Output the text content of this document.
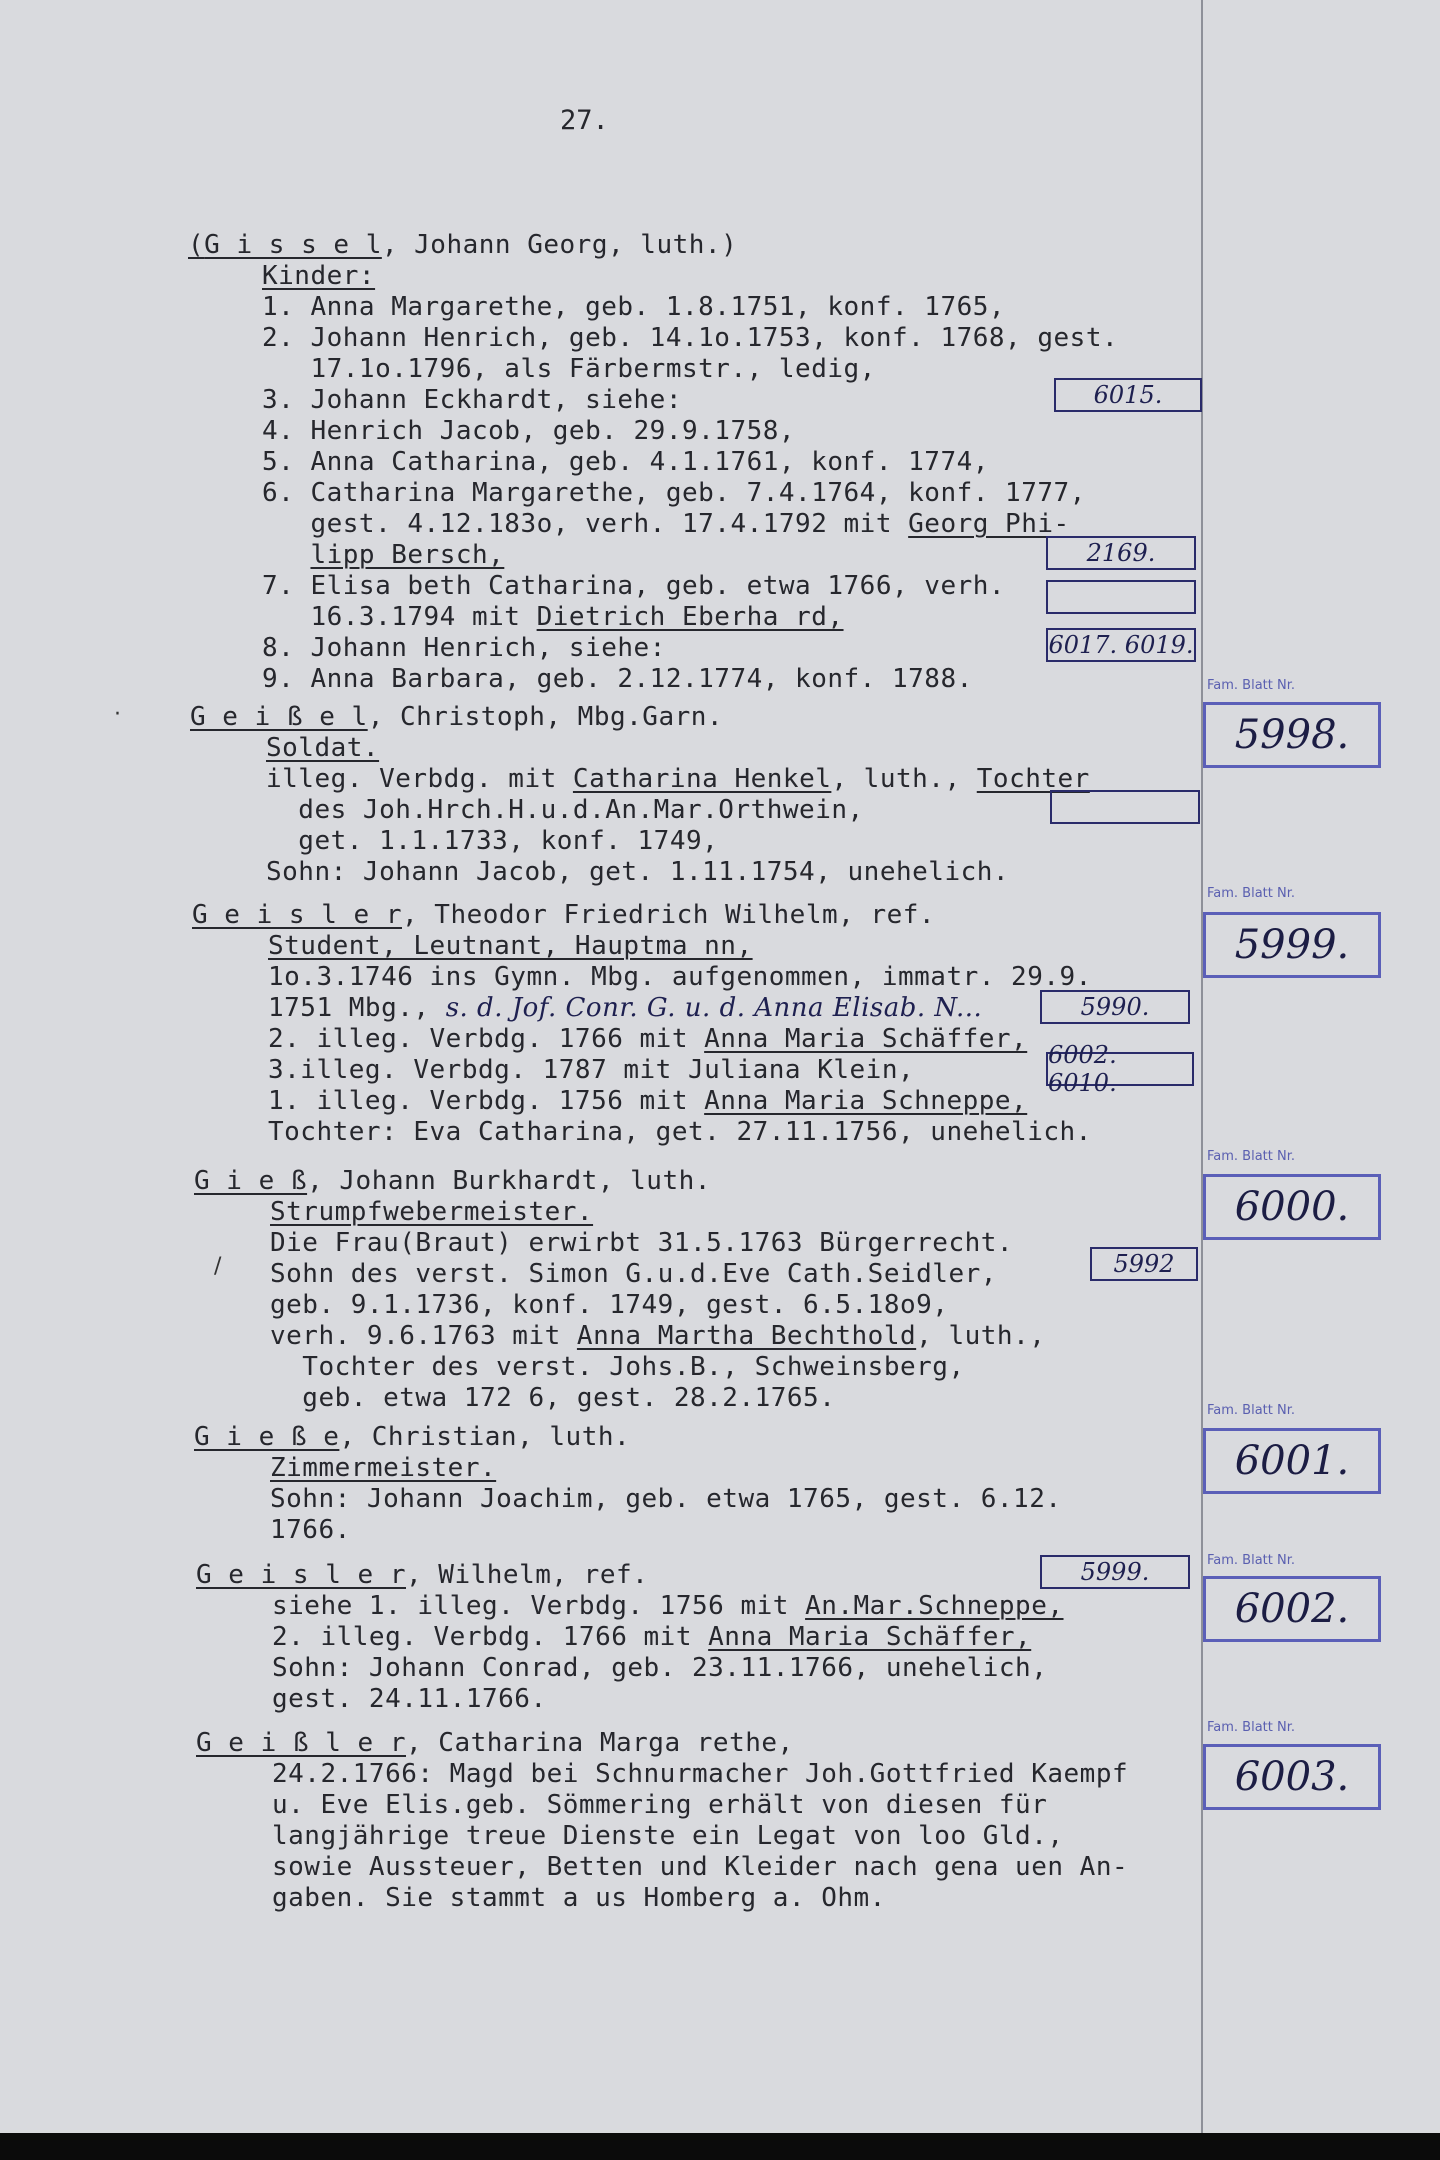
27.
(G i s s e l, Johann Georg, luth.)
Kinder:
1. Anna Margarethe, geb. 1.8.1751, konf. 1765,
2. Johann Henrich, geb. 14.1o.1753, konf. 1768, gest.
17.1o.1796, als Färbermstr., ledig,
3. Johann Eckhardt, siehe:
4. Henrich Jacob, geb. 29.9.1758,
5. Anna Catharina, geb. 4.1.1761, konf. 1774,
6. Catharina Margarethe, geb. 7.4.1764, konf. 1777,
gest. 4.12.183o, verh. 17.4.1792 mit Georg Phi-
lipp Bersch,
7. Elisa beth Catharina, geb. etwa 1766, verh.
16.3.1794 mit Dietrich Eberha rd,
8. Johann Henrich, siehe:
9. Anna Barbara, geb. 2.12.1774, konf. 1788.
G e i ß e l, Christoph, Mbg.Garn.
Soldat.
illeg. Verbdg. mit Catharina Henkel, luth., Tochter
des Joh.Hrch.H.u.d.An.Mar.Orthwein,
get. 1.1.1733, konf. 1749,
Sohn: Johann Jacob, get. 1.11.1754, unehelich.
G e i s l e r, Theodor Friedrich Wilhelm, ref.
Student, Leutnant, Hauptma nn,
1o.3.1746 ins Gymn. Mbg. aufgenommen, immatr. 29.9.
1751 Mbg., s. d. Jof. Conr. G. u. d. Anna Elisab. N...
2. illeg. Verbdg. 1766 mit Anna Maria Schäffer,
3.illeg. Verbdg. 1787 mit Juliana Klein,
1. illeg. Verbdg. 1756 mit Anna Maria Schneppe,
Tochter: Eva Catharina, get. 27.11.1756, unehelich.
G i e ß, Johann Burkhardt, luth.
Strumpfwebermeister.
Die Frau(Braut) erwirbt 31.5.1763 Bürgerrecht.
Sohn des verst. Simon G.u.d.Eve Cath.Seidler,
geb. 9.1.1736, konf. 1749, gest. 6.5.18o9,
verh. 9.6.1763 mit Anna Martha Bechthold, luth.,
Tochter des verst. Johs.B., Schweinsberg,
geb. etwa 172 6, gest. 28.2.1765.
G i e ß e, Christian, luth.
Zimmermeister.
Sohn: Johann Joachim, geb. etwa 1765, gest. 6.12.
1766.
G e i s l e r, Wilhelm, ref.
siehe 1. illeg. Verbdg. 1756 mit An.Mar.Schneppe,
2. illeg. Verbdg. 1766 mit Anna Maria Schäffer,
Sohn: Johann Conrad, geb. 23.11.1766, unehelich,
gest. 24.11.1766.
G e i ß l e r, Catharina Marga rethe,
24.2.1766: Magd bei Schnurmacher Joh.Gottfried Kaempf
u. Eve Elis.geb. Sömmering erhält von diesen für
langjährige treue Dienste ein Legat von loo Gld.,
sowie Aussteuer, Betten und Kleider nach gena uen An-
gaben. Sie stammt a us Homberg a. Ohm.
6015.
2169.
6017. 6019.
5990.
6002. 6010.
5992
5999.
Fam. Blatt Nr.
5998.
Fam. Blatt Nr.
5999.
Fam. Blatt Nr.
6000.
Fam. Blatt Nr.
6001.
Fam. Blatt Nr.
6002.
Fam. Blatt Nr.
6003.
·
/
